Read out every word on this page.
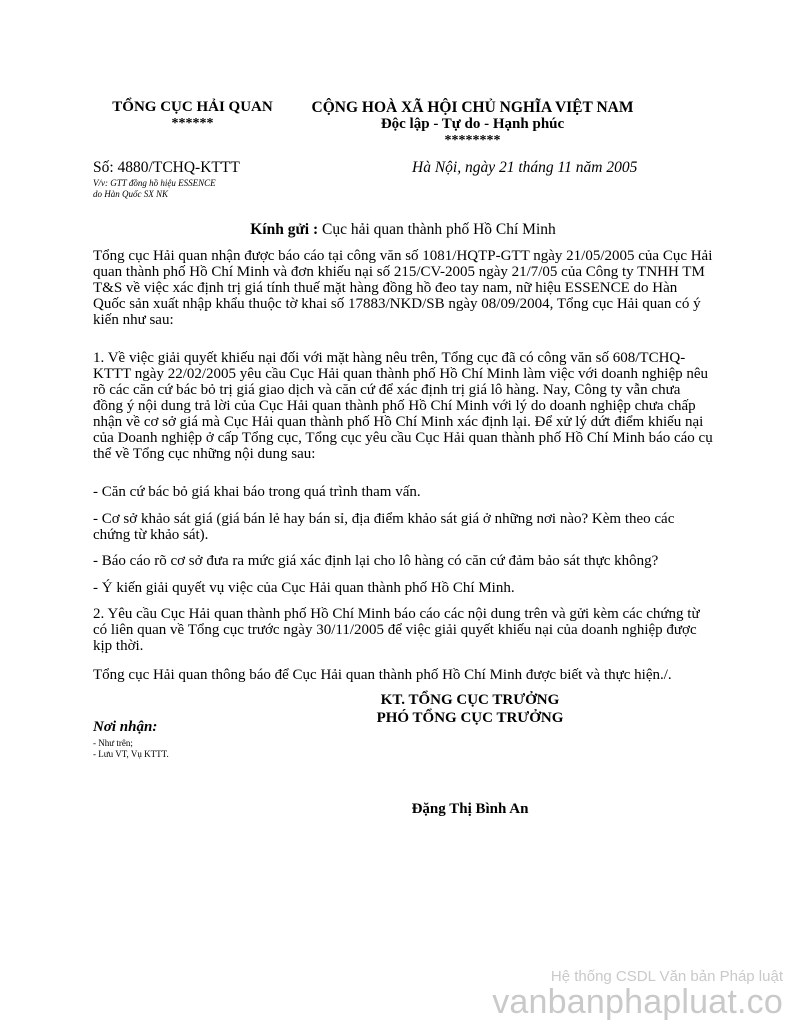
TỔNG CỤC HẢI QUAN
******
CỘNG HOÀ XÃ HỘI CHỦ NGHĨA VIỆT NAM
Độc lập - Tự do - Hạnh phúc
********
Số: 4880/TCHQ-KTTT
V/v: GTT đồng hồ hiệu ESSENCE
do Hàn Quốc SX NK
Hà Nội, ngày 21 tháng 11 năm 2005
Kính gửi : Cục hải quan thành phố Hồ Chí Minh

Tổng cục Hải quan nhận được báo cáo tại công văn số 1081/HQTP-GTT ngày 21/05/2005 của Cục Hải quan thành phố Hồ Chí Minh và đơn khiếu nại số 215/CV-2005 ngày 21/7/05 của Công ty TNHH TM T&S về việc xác định trị giá tính thuế mặt hàng đồng hồ đeo tay nam, nữ hiệu ESSENCE do Hàn Quốc sản xuất nhập khẩu thuộc tờ khai số 17883/NKD/SB ngày 08/09/2004, Tổng cục Hải quan có ý kiến như sau:

1. Về việc giải quyết khiếu nại đối với mặt hàng nêu trên, Tổng cục đã có công văn số 608/TCHQ-KTTT ngày 22/02/2005 yêu cầu Cục Hải quan thành phố Hồ Chí Minh làm việc với doanh nghiệp nêu rõ các căn cứ bác bỏ trị giá giao dịch và căn cứ để xác định trị giá lô hàng. Nay, Công ty vẫn chưa đồng ý nội dung trả lời của Cục Hải quan thành phố Hồ Chí Minh với lý do doanh nghiệp chưa chấp nhận về cơ sở giá mà Cục Hải quan thành phố Hồ Chí Minh xác định lại. Để xử lý dứt điểm khiếu nại của Doanh nghiệp ở cấp Tổng cục, Tổng cục yêu cầu Cục Hải quan thành phố Hồ Chí Minh báo cáo cụ thể về Tổng cục những nội dung sau:

- Căn cứ bác bỏ giá khai báo trong quá trình tham vấn.

- Cơ sở khảo sát giá (giá bán lẻ hay bán sỉ, địa điểm khảo sát giá ở những nơi nào? Kèm theo các chứng từ khảo sát).

- Báo cáo rõ cơ sở đưa ra mức giá xác định lại cho lô hàng có căn cứ đảm bảo sát thực không?

- Ý kiến giải quyết vụ việc của Cục Hải quan thành phố Hồ Chí Minh.

2. Yêu cầu Cục Hải quan thành phố Hồ Chí Minh báo cáo các nội dung trên và gửi kèm các chứng từ có liên quan về Tổng cục trước ngày 30/11/2005 để việc giải quyết khiếu nại của doanh nghiệp được kịp thời.

Tổng cục Hải quan thông báo để Cục Hải quan thành phố Hồ Chí Minh được biết và thực hiện./.

KT. TỔNG CỤC TRƯỞNG
PHÓ TỔNG CỤC TRƯỞNG
Đặng Thị Bình An
Nơi nhận:
- Như trên;
- Lưu VT, Vụ KTTT.
Hệ thống CSDL Văn bản Pháp luật
vanbanphapluat.co
